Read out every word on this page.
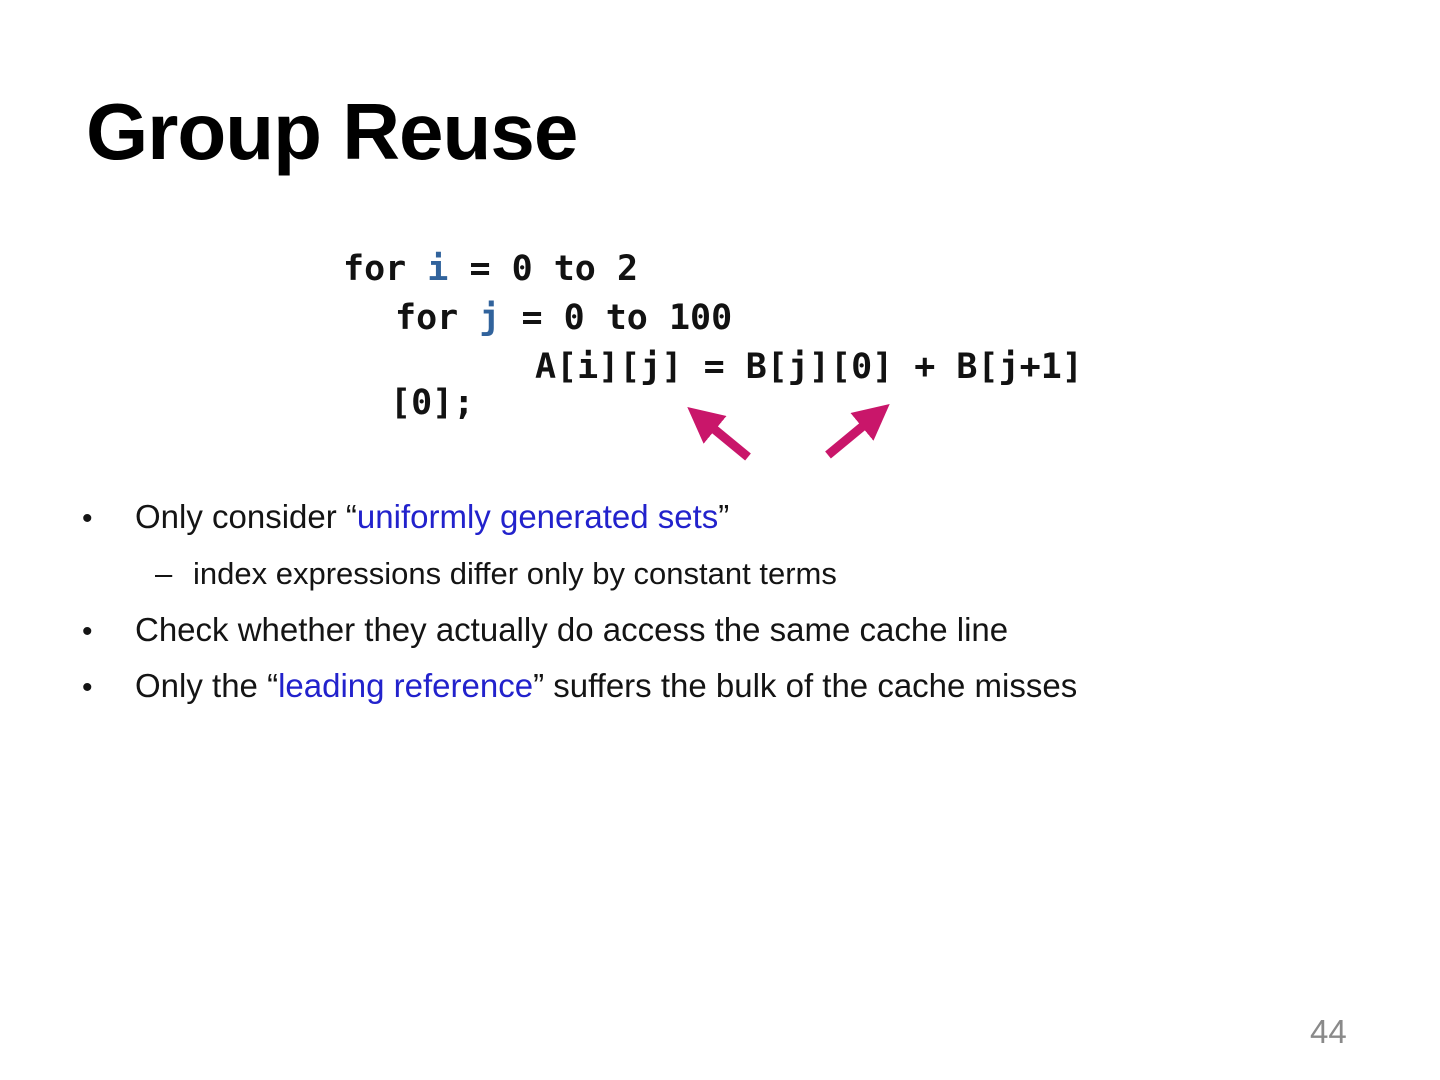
Group Reuse
for i = 0 to 2
for j = 0 to 100
A[i][j] = B[j][0] + B[j+1]
[0];
• Only consider “uniformly generated sets”
– index expressions differ only by constant terms
• Check whether they actually do access the same cache line
• Only the “leading reference” suffers the bulk of the cache misses
44
